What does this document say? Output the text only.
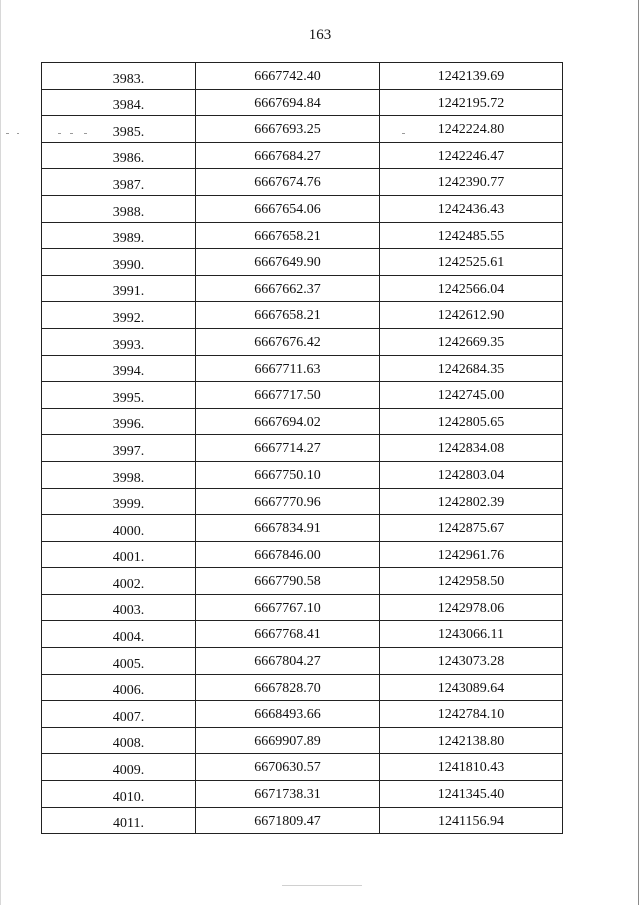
163
3983.	6667742.40	1242139.69
3984.	6667694.84	1242195.72
3985.	6667693.25	1242224.80
3986.	6667684.27	1242246.47
3987.	6667674.76	1242390.77
3988.	6667654.06	1242436.43
3989.	6667658.21	1242485.55
3990.	6667649.90	1242525.61
3991.	6667662.37	1242566.04
3992.	6667658.21	1242612.90
3993.	6667676.42	1242669.35
3994.	6667711.63	1242684.35
3995.	6667717.50	1242745.00
3996.	6667694.02	1242805.65
3997.	6667714.27	1242834.08
3998.	6667750.10	1242803.04
3999.	6667770.96	1242802.39
4000.	6667834.91	1242875.67
4001.	6667846.00	1242961.76
4002.	6667790.58	1242958.50
4003.	6667767.10	1242978.06
4004.	6667768.41	1243066.11
4005.	6667804.27	1243073.28
4006.	6667828.70	1243089.64
4007.	6668493.66	1242784.10
4008.	6669907.89	1242138.80
4009.	6670630.57	1241810.43
4010.	6671738.31	1241345.40
4011.	6671809.47	1241156.94
